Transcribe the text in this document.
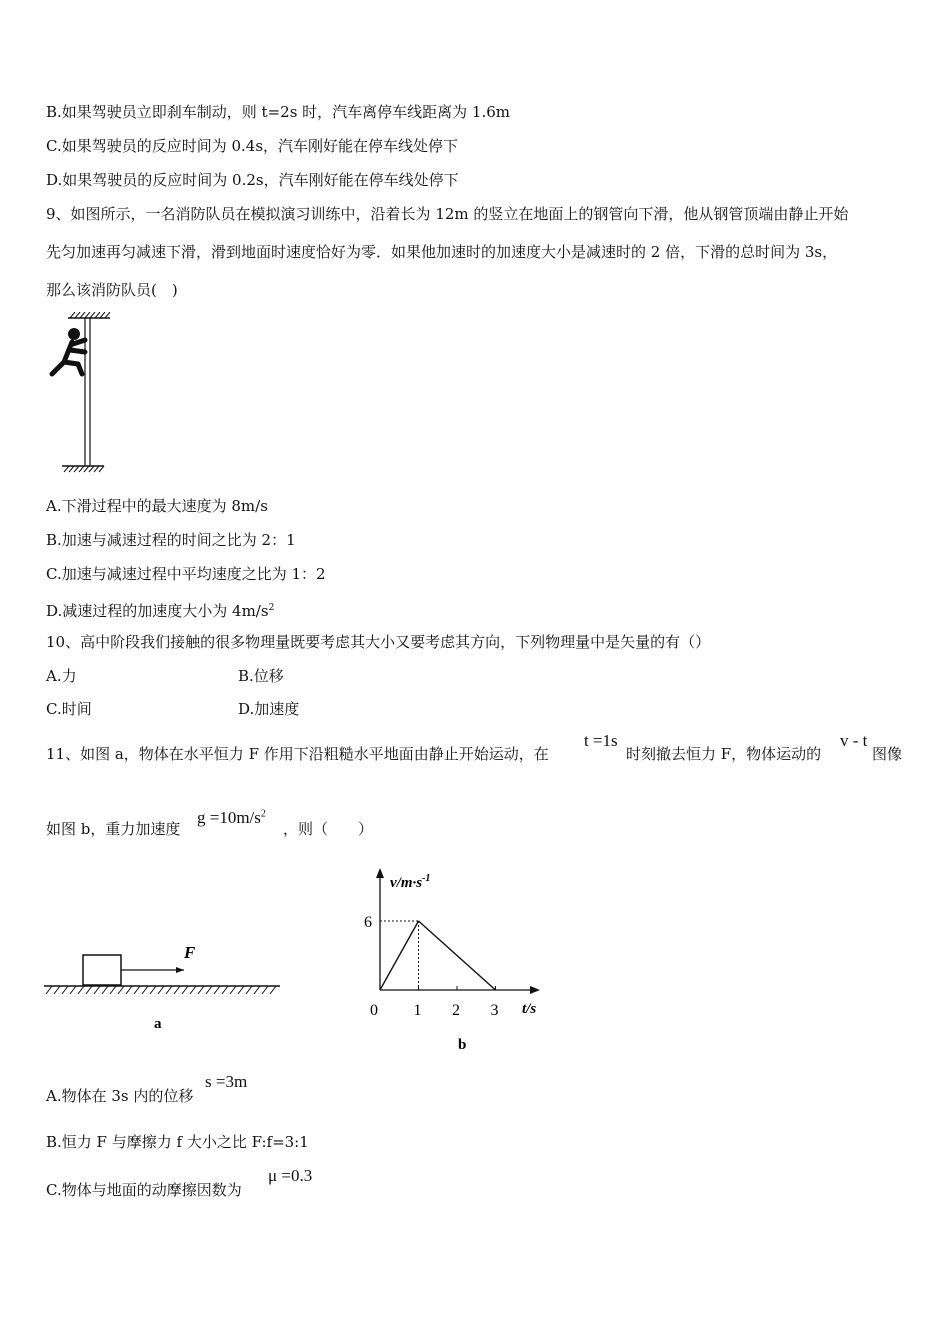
B.如果驾驶员立即刹车制动，则 t=2s 时，汽车离停车线距离为 1.6m
C.如果驾驶员的反应时间为 0.4s，汽车刚好能在停车线处停下
D.如果驾驶员的反应时间为 0.2s，汽车刚好能在停车线处停下
9、如图所示，一名消防队员在模拟演习训练中，沿着长为 12m 的竖立在地面上的钢管向下滑，他从钢管顶端由静止开始
先匀加速再匀减速下滑，滑到地面时速度恰好为零．如果他加速时的加速度大小是减速时的 2 倍，下滑的总时间为 3s，
那么该消防队员(　)
A.下滑过程中的最大速度为 8m/s
B.加速与减速过程的时间之比为 2：1
C.加速与减速过程中平均速度之比为 1：2
D.减速过程的加速度大小为 $4m/s^2$
10、高中阶段我们接触的很多物理量既要考虑其大小又要考虑其方向，下列物理量中是矢量的有（）
A.力	B.位移
C.时间	D.加速度
11、如图 a，物体在水平恒力 F 作用下沿粗糙水平地面由静止开始运动，在
t =1s
时刻撤去恒力 F，物体运动的
v - t
图像
如图 b，重力加速度
$g =10m/s^2$
，则（　　）
F
a
$v/m\cdot s^{-1}$
t/s
0 1 2 3
6
b
A.物体在 3s 内的位移
s =3m
B.恒力 F 与摩擦力 f 大小之比 F:f=3:1
C.物体与地面的动摩擦因数为
μ =0.3
